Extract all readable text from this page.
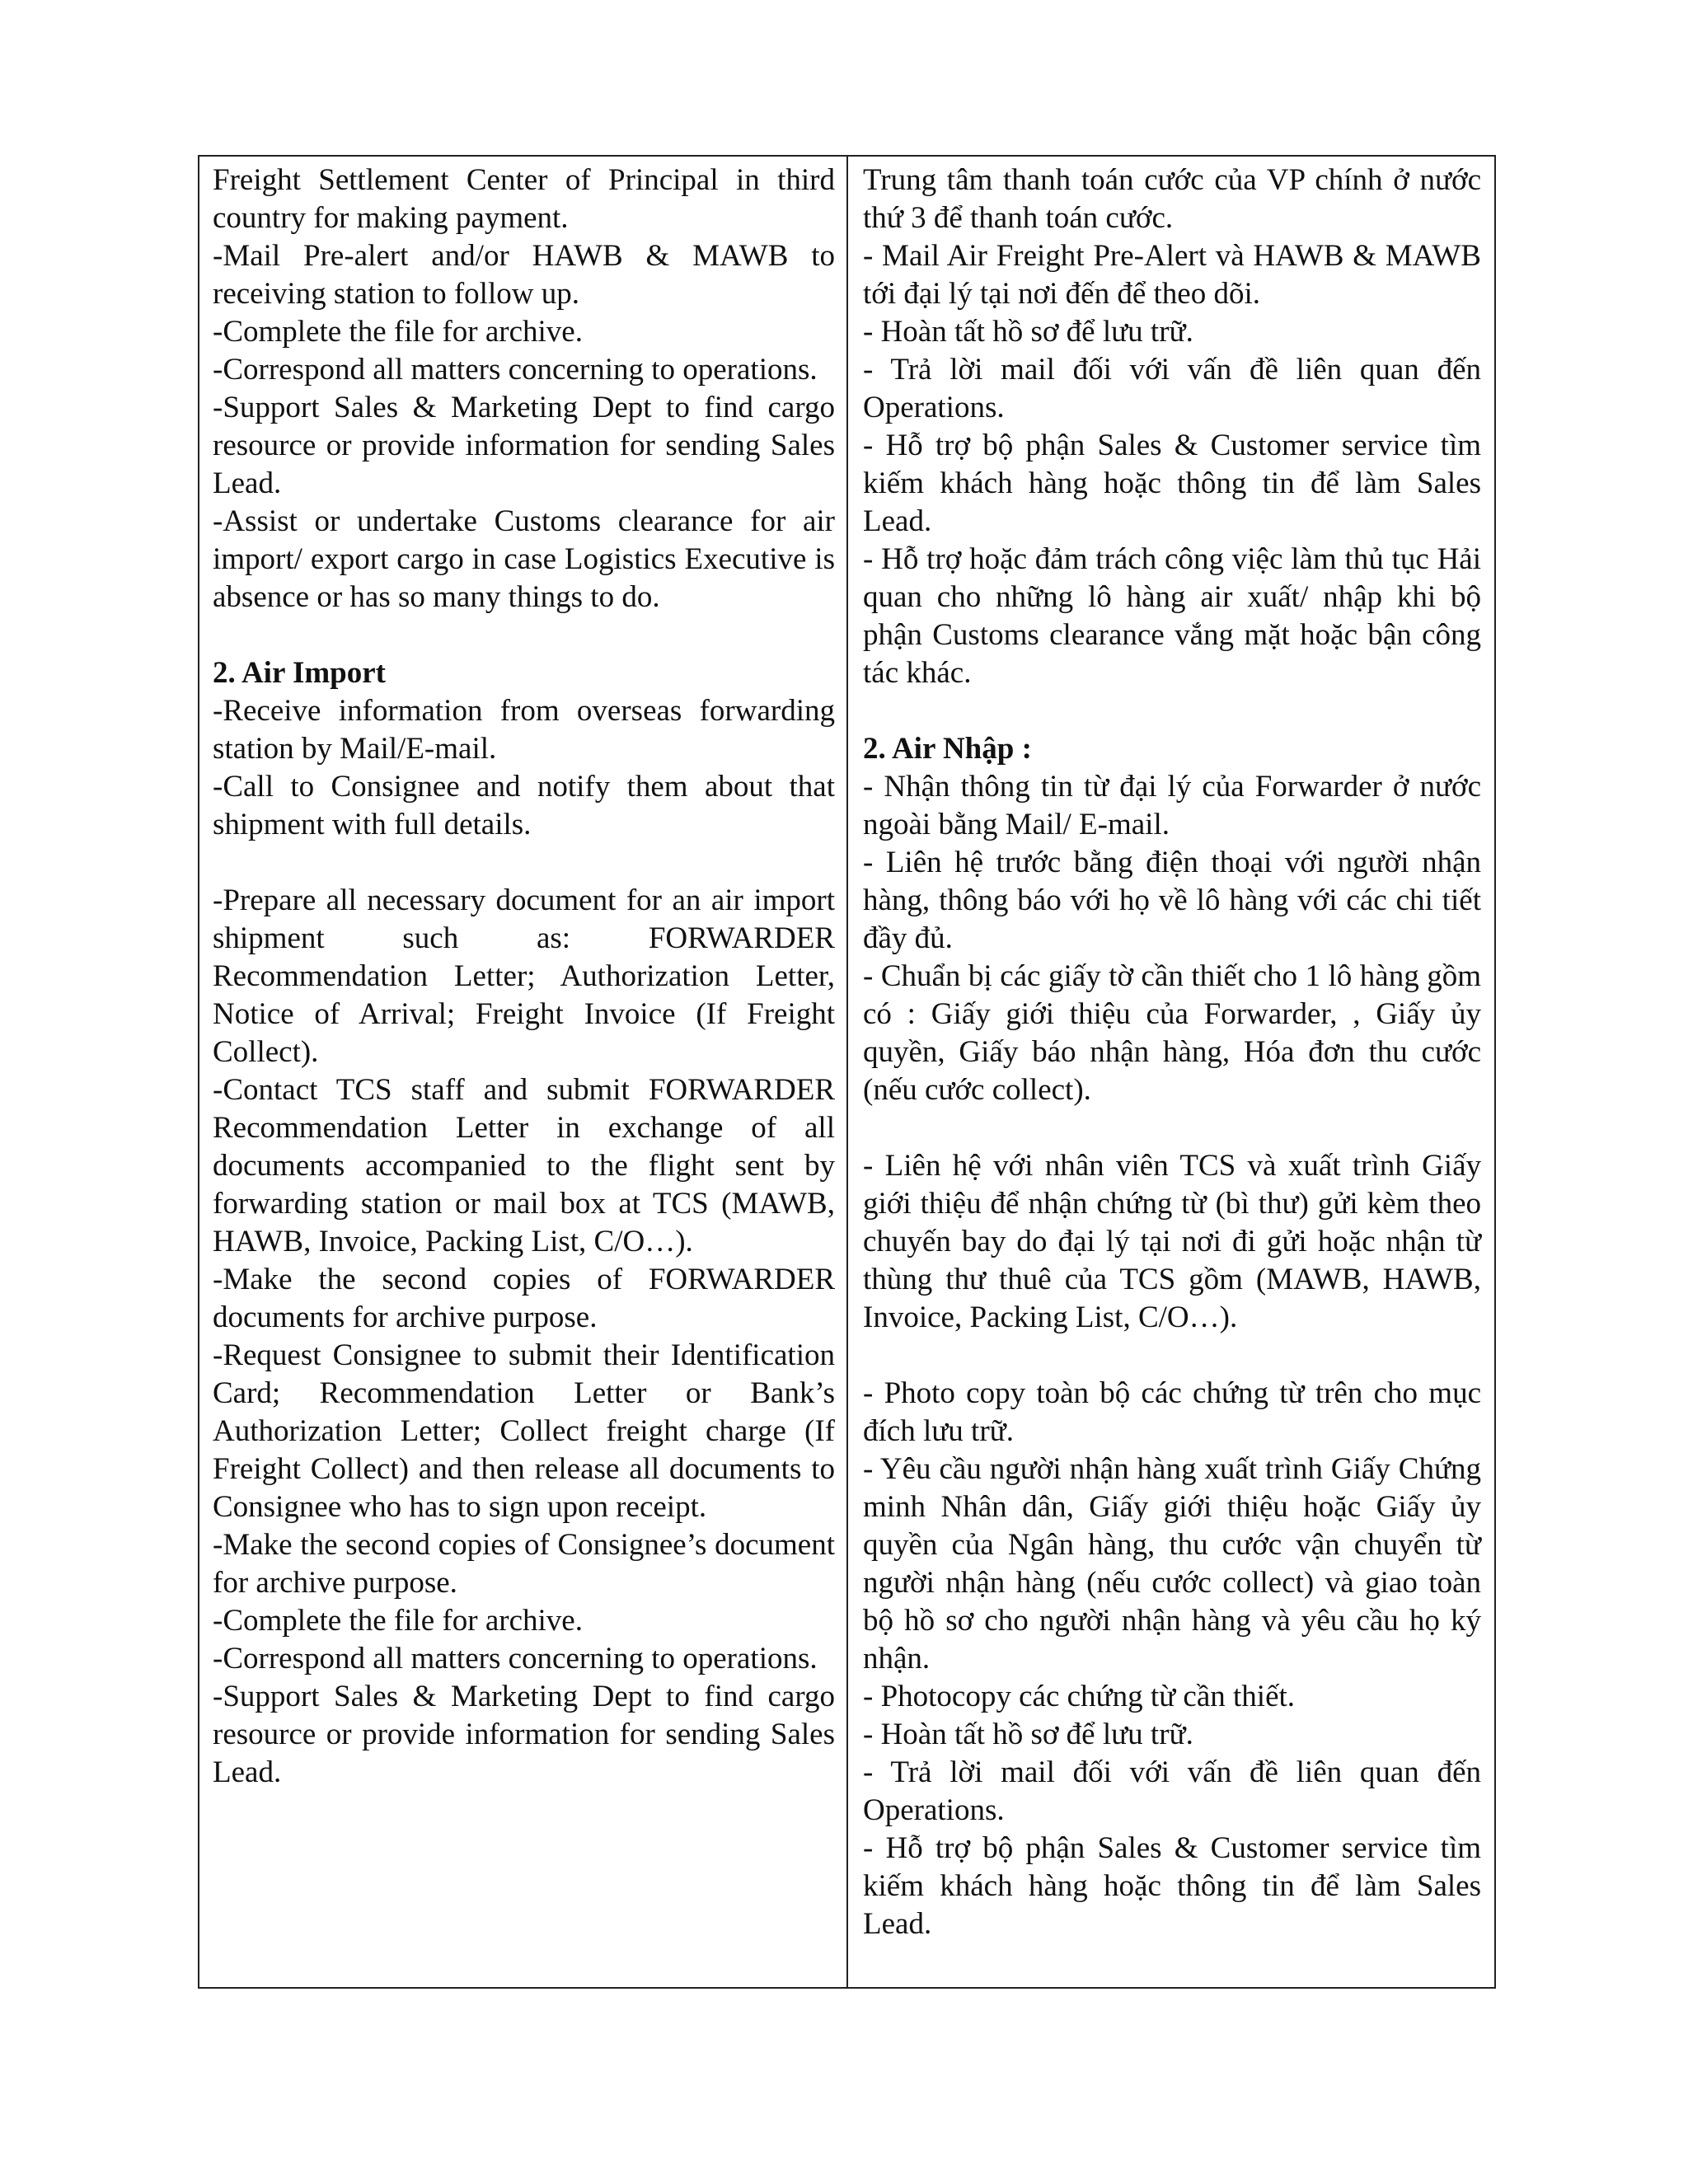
Freight Settlement Center of Principal in third country for making payment.

-Mail Pre-alert and/or HAWB & MAWB to receiving station to follow up.

-Complete the file for archive.

-Correspond all matters concerning to operations.

-Support Sales & Marketing Dept to find cargo resource or provide information for sending Sales Lead.

-Assist or undertake Customs clearance for air import/ export cargo in case Logistics Executive is absence or has so many things to do.

2. Air Import

-Receive information from overseas forwarding station by Mail/E-mail.

-Call to Consignee and notify them about that shipment with full details.

-Prepare all necessary document for an air import shipment such as: FORWARDER Recommendation Letter; Authorization Letter, Notice of Arrival; Freight Invoice (If Freight Collect).

-Contact TCS staff and submit FORWARDER Recommendation Letter in exchange of all documents accompanied to the flight sent by forwarding station or mail box at TCS (MAWB, HAWB, Invoice, Packing List, C/O…).

-Make the second copies of FORWARDER documents for archive purpose.

-Request Consignee to submit their Identification Card; Recommendation Letter or Bank’s Authorization Letter; Collect freight charge (If Freight Collect) and then release all documents to Consignee who has to sign upon receipt.

-Make the second copies of Consignee’s document for archive purpose.

-Complete the file for archive.

-Correspond all matters concerning to operations.

-Support Sales & Marketing Dept to find cargo resource or provide information for sending Sales Lead.

Trung tâm thanh toán cước của VP chính ở nước thứ 3 để thanh toán cước.

- Mail Air Freight Pre-Alert và HAWB & MAWB tới đại lý tại nơi đến để theo dõi.

- Hoàn tất hồ sơ để lưu trữ.

- Trả lời mail đối với vấn đề liên quan đến Operations.

- Hỗ trợ bộ phận Sales & Customer service tìm kiếm khách hàng hoặc thông tin để làm Sales Lead.

- Hỗ trợ hoặc đảm trách công việc làm thủ tục Hải quan cho những lô hàng air xuất/ nhập khi bộ phận Customs clearance vắng mặt hoặc bận công tác khác.

2. Air Nhập :

- Nhận thông tin từ đại lý của Forwarder ở nước ngoài bằng Mail/ E-mail.

- Liên hệ trước bằng điện thoại với người nhận hàng, thông báo với họ về lô hàng với các chi tiết đầy đủ.

- Chuẩn bị các giấy tờ cần thiết cho 1 lô hàng gồm có : Giấy giới thiệu của Forwarder, , Giấy ủy quyền, Giấy báo nhận hàng, Hóa đơn thu cước (nếu cước collect).

- Liên hệ với nhân viên TCS và xuất trình Giấy giới thiệu để nhận chứng từ (bì thư) gửi kèm theo chuyến bay do đại lý tại nơi đi gửi hoặc nhận từ thùng thư thuê của TCS gồm (MAWB, HAWB, Invoice, Packing List, C/O…).

- Photo copy toàn bộ các chứng từ trên cho mục đích lưu trữ.

- Yêu cầu người nhận hàng xuất trình Giấy Chứng minh Nhân dân, Giấy giới thiệu hoặc Giấy ủy quyền của Ngân hàng, thu cước vận chuyển từ người nhận hàng (nếu cước collect) và giao toàn bộ hồ sơ cho người nhận hàng và yêu cầu họ ký nhận.

- Photocopy các chứng từ cần thiết.

- Hoàn tất hồ sơ để lưu trữ.

- Trả lời mail đối với vấn đề liên quan đến Operations.

- Hỗ trợ bộ phận Sales & Customer service tìm kiếm khách hàng hoặc thông tin để làm Sales Lead.
